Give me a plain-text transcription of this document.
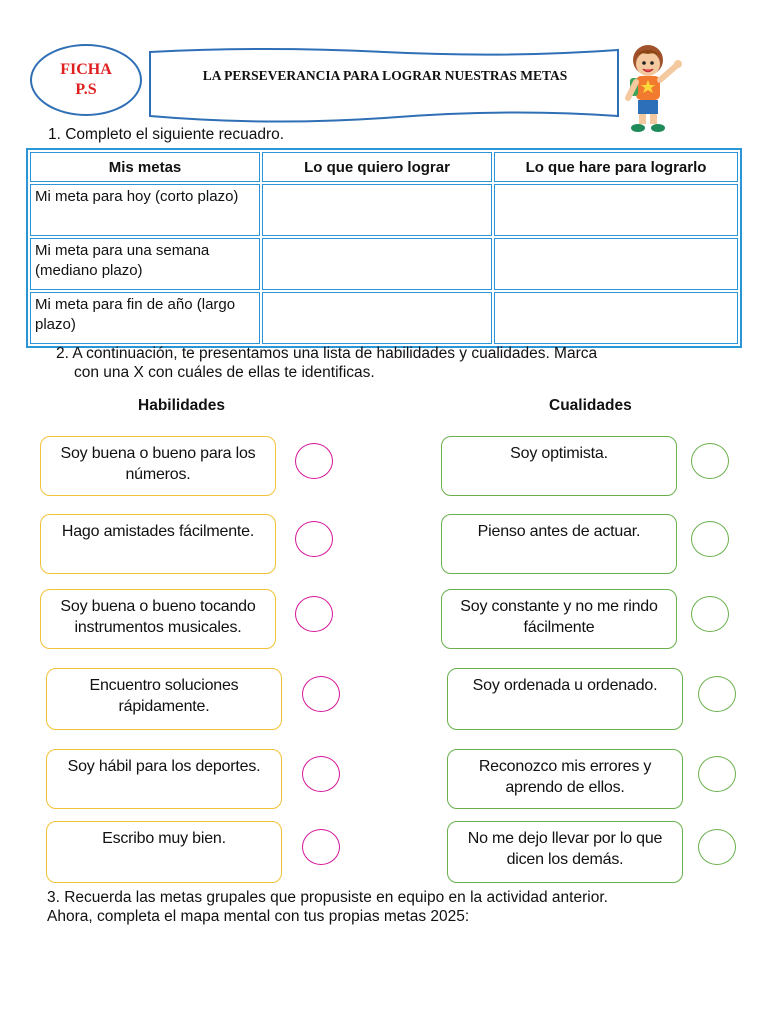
FICHA
P.S
LA PERSEVERANCIA PARA LOGRAR NUESTRAS METAS
1. Completo el siguiente recuadro.
Mis metas	Lo que quiero lograr	Lo que hare para lograrlo
Mi meta para hoy (corto plazo)		
Mi meta para una semana (mediano plazo)		
Mi meta para fin de año (largo plazo)		
2. A continuación, te presentamos una lista de habilidades y cualidades. Marca
con una X con cuáles de ellas te identificas.
Habilidades	Cualidades
Soy buena o bueno para los números.
Hago amistades fácilmente.
Soy buena o bueno tocando instrumentos musicales.
Encuentro soluciones rápidamente.
Soy hábil para los deportes.
Escribo muy bien.
Soy optimista.
Pienso antes de actuar.
Soy constante y no me rindo fácilmente
Soy ordenada u ordenado.
Reconozco mis errores y aprendo de ellos.
No me dejo llevar por lo que dicen los demás.
3. Recuerda las metas grupales que propusiste en equipo en la actividad anterior.
Ahora, completa el mapa mental con tus propias metas 2025:
